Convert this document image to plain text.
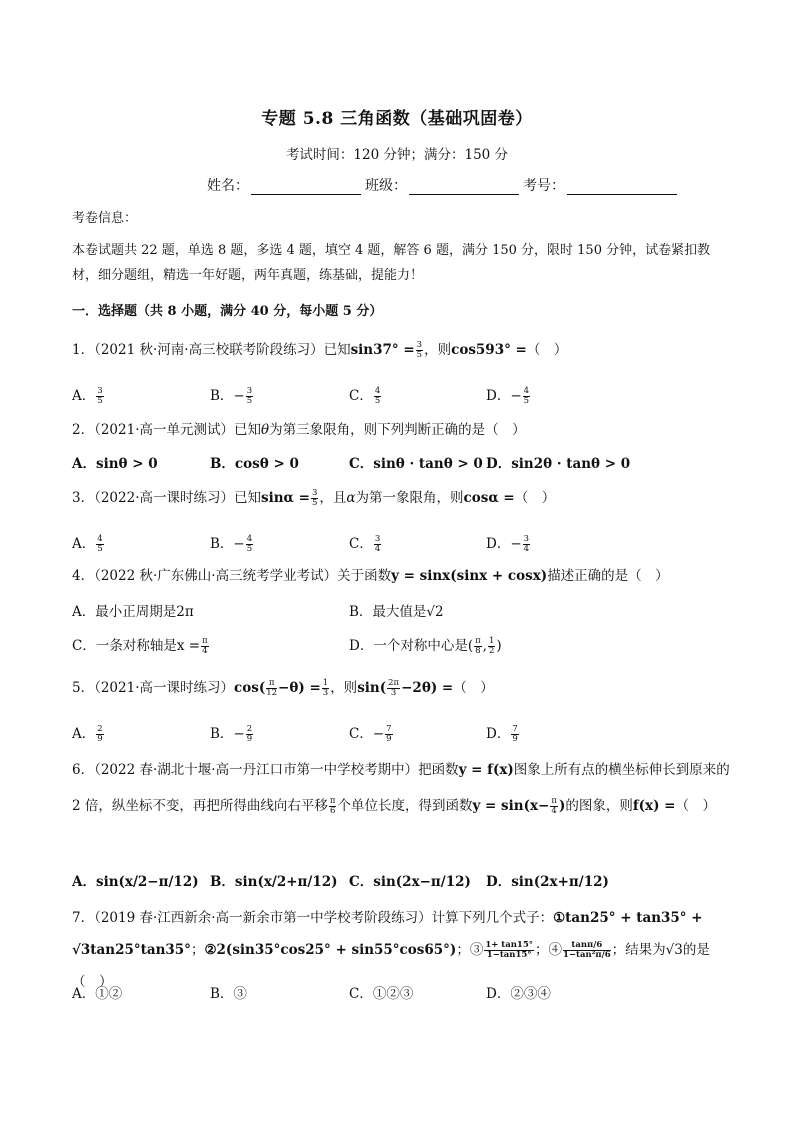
专题 5.8 三角函数（基础巩固卷）
考试时间：120 分钟；满分：150 分
姓名：	班级：	考号：
考卷信息：
本卷试题共 22 题，单选 8 题，多选 4 题，填空 4 题，解答 6 题，满分 150 分，限时 150 分钟，试卷紧扣教材，细分题组，精选一年好题，两年真题，练基础，提能力！
一．选择题（共 8 小题，满分 40 分，每小题 5 分）
1．（2021 秋·河南·高三校联考阶段练习）已知$\sin 37^\circ = \frac{3}{5}$ ，则cos593° =（　）
A． $\frac{3}{5}$	B．− $\frac{3}{5}$	C． $\frac{4}{5}$	D．− $\frac{4}{5}$
2．（2021·高一单元测试）已知θ为第三象限角，则下列判断正确的是（　）
A．sinθ > 0	B．cosθ > 0	C．sinθ · tanθ > 0 D．sin2θ · tanθ > 0
3．（2022·高一课时练习）已知$\sin\alpha = \frac{3}{5}$ ，且α为第一象限角，则cosα =（　）
A． $\frac{4}{5}$	B．− $\frac{4}{5}$	C． $\frac{3}{4}$	D．− $\frac{3}{4}$
4．（2022 秋·广东佛山·高三统考学业考试）关于函数y = sinx(sinx + cosx)描述正确的是（　）
A．最小正周期是2π	B．最大值是√2
C．一条对称轴是$x = \frac{\pi}{4}$	D．一个对称中心是( $\frac{\pi}{8}$ , $\frac{1}{2}$ )
5．（2021·高一课时练习）$\cos( \frac{\pi}{12} -\theta) = \frac{1}{3}$ ，则$\sin( \frac{2\pi}{3} -2\theta)$ =（　）
A． $\frac{2}{9}$	B．− $\frac{2}{9}$	C．− $\frac{7}{9}$	D． $\frac{7}{9}$
6．（2022 春·湖北十堰·高一丹江口市第一中学校考期中）把函数y = f(x)图象上所有点的横坐标伸长到原来的 2 倍，纵坐标不变，再把所得曲线向右平移 $\frac{\pi}{6}$ 个单位长度，得到函数$y = \sin(x- \frac{\pi}{4}$ )的图象，则f(x) =（　）
A．sin(x/2−π/12) B．sin(x/2+π/12) C．sin(2x−π/12) D．sin(2x+π/12)
7．（2019 春·江西新余·高一新余市第一中学校考阶段练习）计算下列几个式子：①tan25° + tan35° + √3tan25°tan35°；②2(sin35°cos25° + sin55°cos65°)；③ $\frac{1+ \tan 15^\circ}{1-\tan 15^\circ}$ ；④ $\frac{\tan\pi/6}{\text{1−tan²π/6}}$ ；结果为√3的是（　）
A．①②	B．③	C．①②③	D．②③④
